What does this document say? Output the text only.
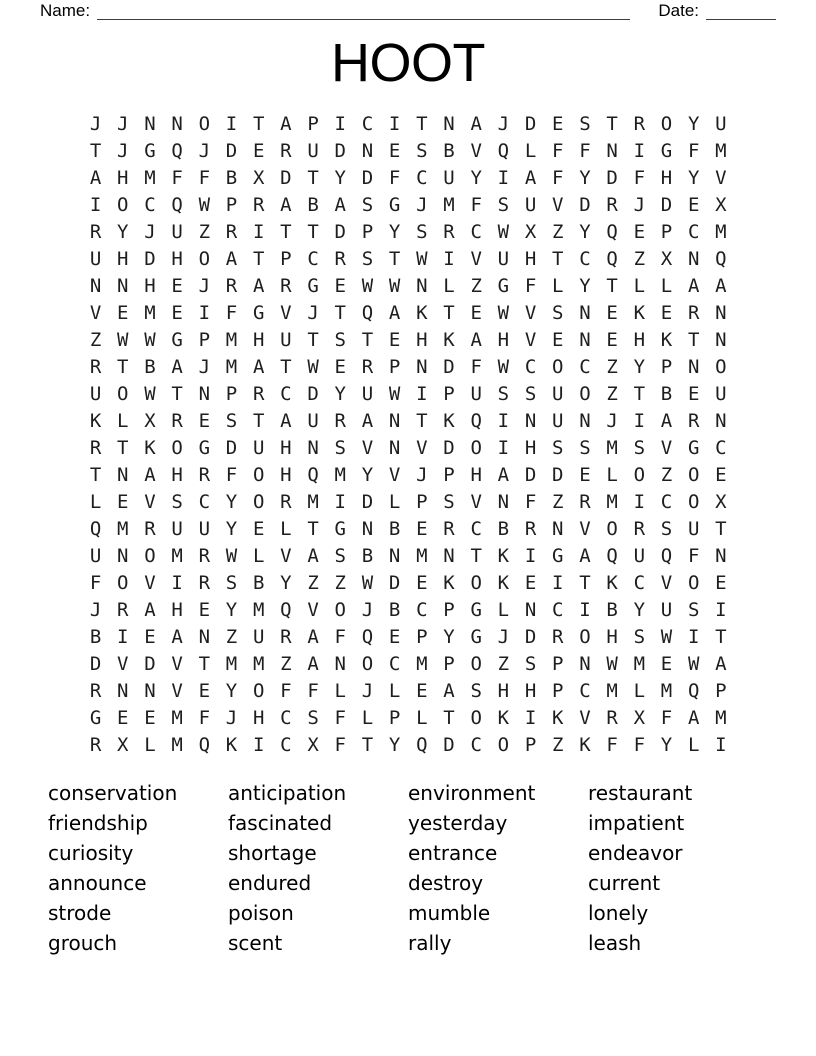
Name:	Date:
HOOT
J J N N O I T A P I C I T N A J D E S T R O Y U
T J G Q J D E R U D N E S B V Q L F F N I G F M
A H M F F B X D T Y D F C U Y I A F Y D F H Y V
I O C Q W P R A B A S G J M F S U V D R J D E X
R Y J U Z R I T T D P Y S R C W X Z Y Q E P C M
U H D H O A T P C R S T W I V U H T C Q Z X N Q
N N H E J R A R G E W W N L Z G F L Y T L L A A
V E M E I F G V J T Q A K T E W V S N E K E R N
Z W W G P M H U T S T E H K A H V E N E H K T N
R T B A J M A T W E R P N D F W C O C Z Y P N O
U O W T N P R C D Y U W I P U S S U O Z T B E U
K L X R E S T A U R A N T K Q I N U N J I A R N
R T K O G D U H N S V N V D O I H S S M S V G C
T N A H R F O H Q M Y V J P H A D D E L O Z O E
L E V S C Y O R M I D L P S V N F Z R M I C O X
Q M R U U Y E L T G N B E R C B R N V O R S U T
U N O M R W L V A S B N M N T K I G A Q U Q F N
F O V I R S B Y Z Z W D E K O K E I T K C V O E
J R A H E Y M Q V O J B C P G L N C I B Y U S I
B I E A N Z U R A F Q E P Y G J D R O H S W I T
D V D V T M M Z A N O C M P O Z S P N W M E W A
R N N V E Y O F F L J L E A S H H P C M L M Q P
G E E M F J H C S F L P L T O K I K V R X F A M
R X L M Q K I C X F T Y Q D C O P Z K F F Y L I
conservation
friendship
curiosity
announce
strode
grouch
anticipation
fascinated
shortage
endured
poison
scent
environment
yesterday
entrance
destroy
mumble
rally
restaurant
impatient
endeavor
current
lonely
leash
